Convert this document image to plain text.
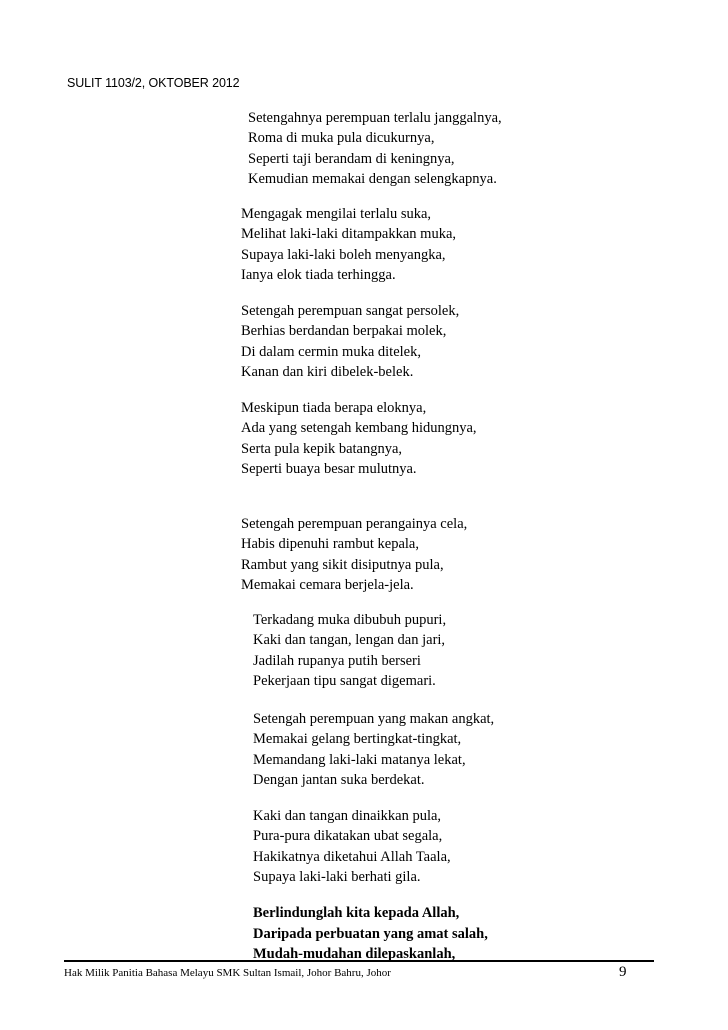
SULIT 1103/2, OKTOBER 2012
Setengahnya perempuan terlalu janggalnya,
Roma di muka pula dicukurnya,
Seperti taji berandam di keningnya,
Kemudian memakai dengan selengkapnya.
Mengagak mengilai terlalu suka,
Melihat laki-laki ditampakkan muka,
Supaya laki-laki boleh menyangka,
Ianya elok tiada terhingga.
Setengah perempuan sangat persolek,
Berhias berdandan berpakai molek,
Di dalam cermin muka ditelek,
Kanan dan kiri dibelek-belek.
Meskipun tiada berapa eloknya,
Ada yang setengah kembang hidungnya,
Serta pula kepik batangnya,
Seperti buaya besar mulutnya.
Setengah perempuan perangainya cela,
Habis dipenuhi rambut kepala,
Rambut yang sikit disiputnya pula,
Memakai cemara berjela-jela.
Terkadang muka dibubuh pupuri,
Kaki dan tangan, lengan dan jari,
Jadilah rupanya putih berseri
Pekerjaan tipu sangat digemari.
Setengah perempuan yang makan angkat,
Memakai gelang bertingkat-tingkat,
Memandang laki-laki matanya lekat,
Dengan jantan suka berdekat.
Kaki dan tangan dinaikkan pula,
Pura-pura dikatakan ubat segala,
Hakikatnya diketahui Allah Taala,
Supaya laki-laki berhati gila.
Berlindunglah kita kepada Allah,
Daripada perbuatan yang amat salah,
Mudah-mudahan dilepaskanlah,
Hak Milik Panitia Bahasa Melayu SMK Sultan Ismail, Johor Bahru, Johor	9
